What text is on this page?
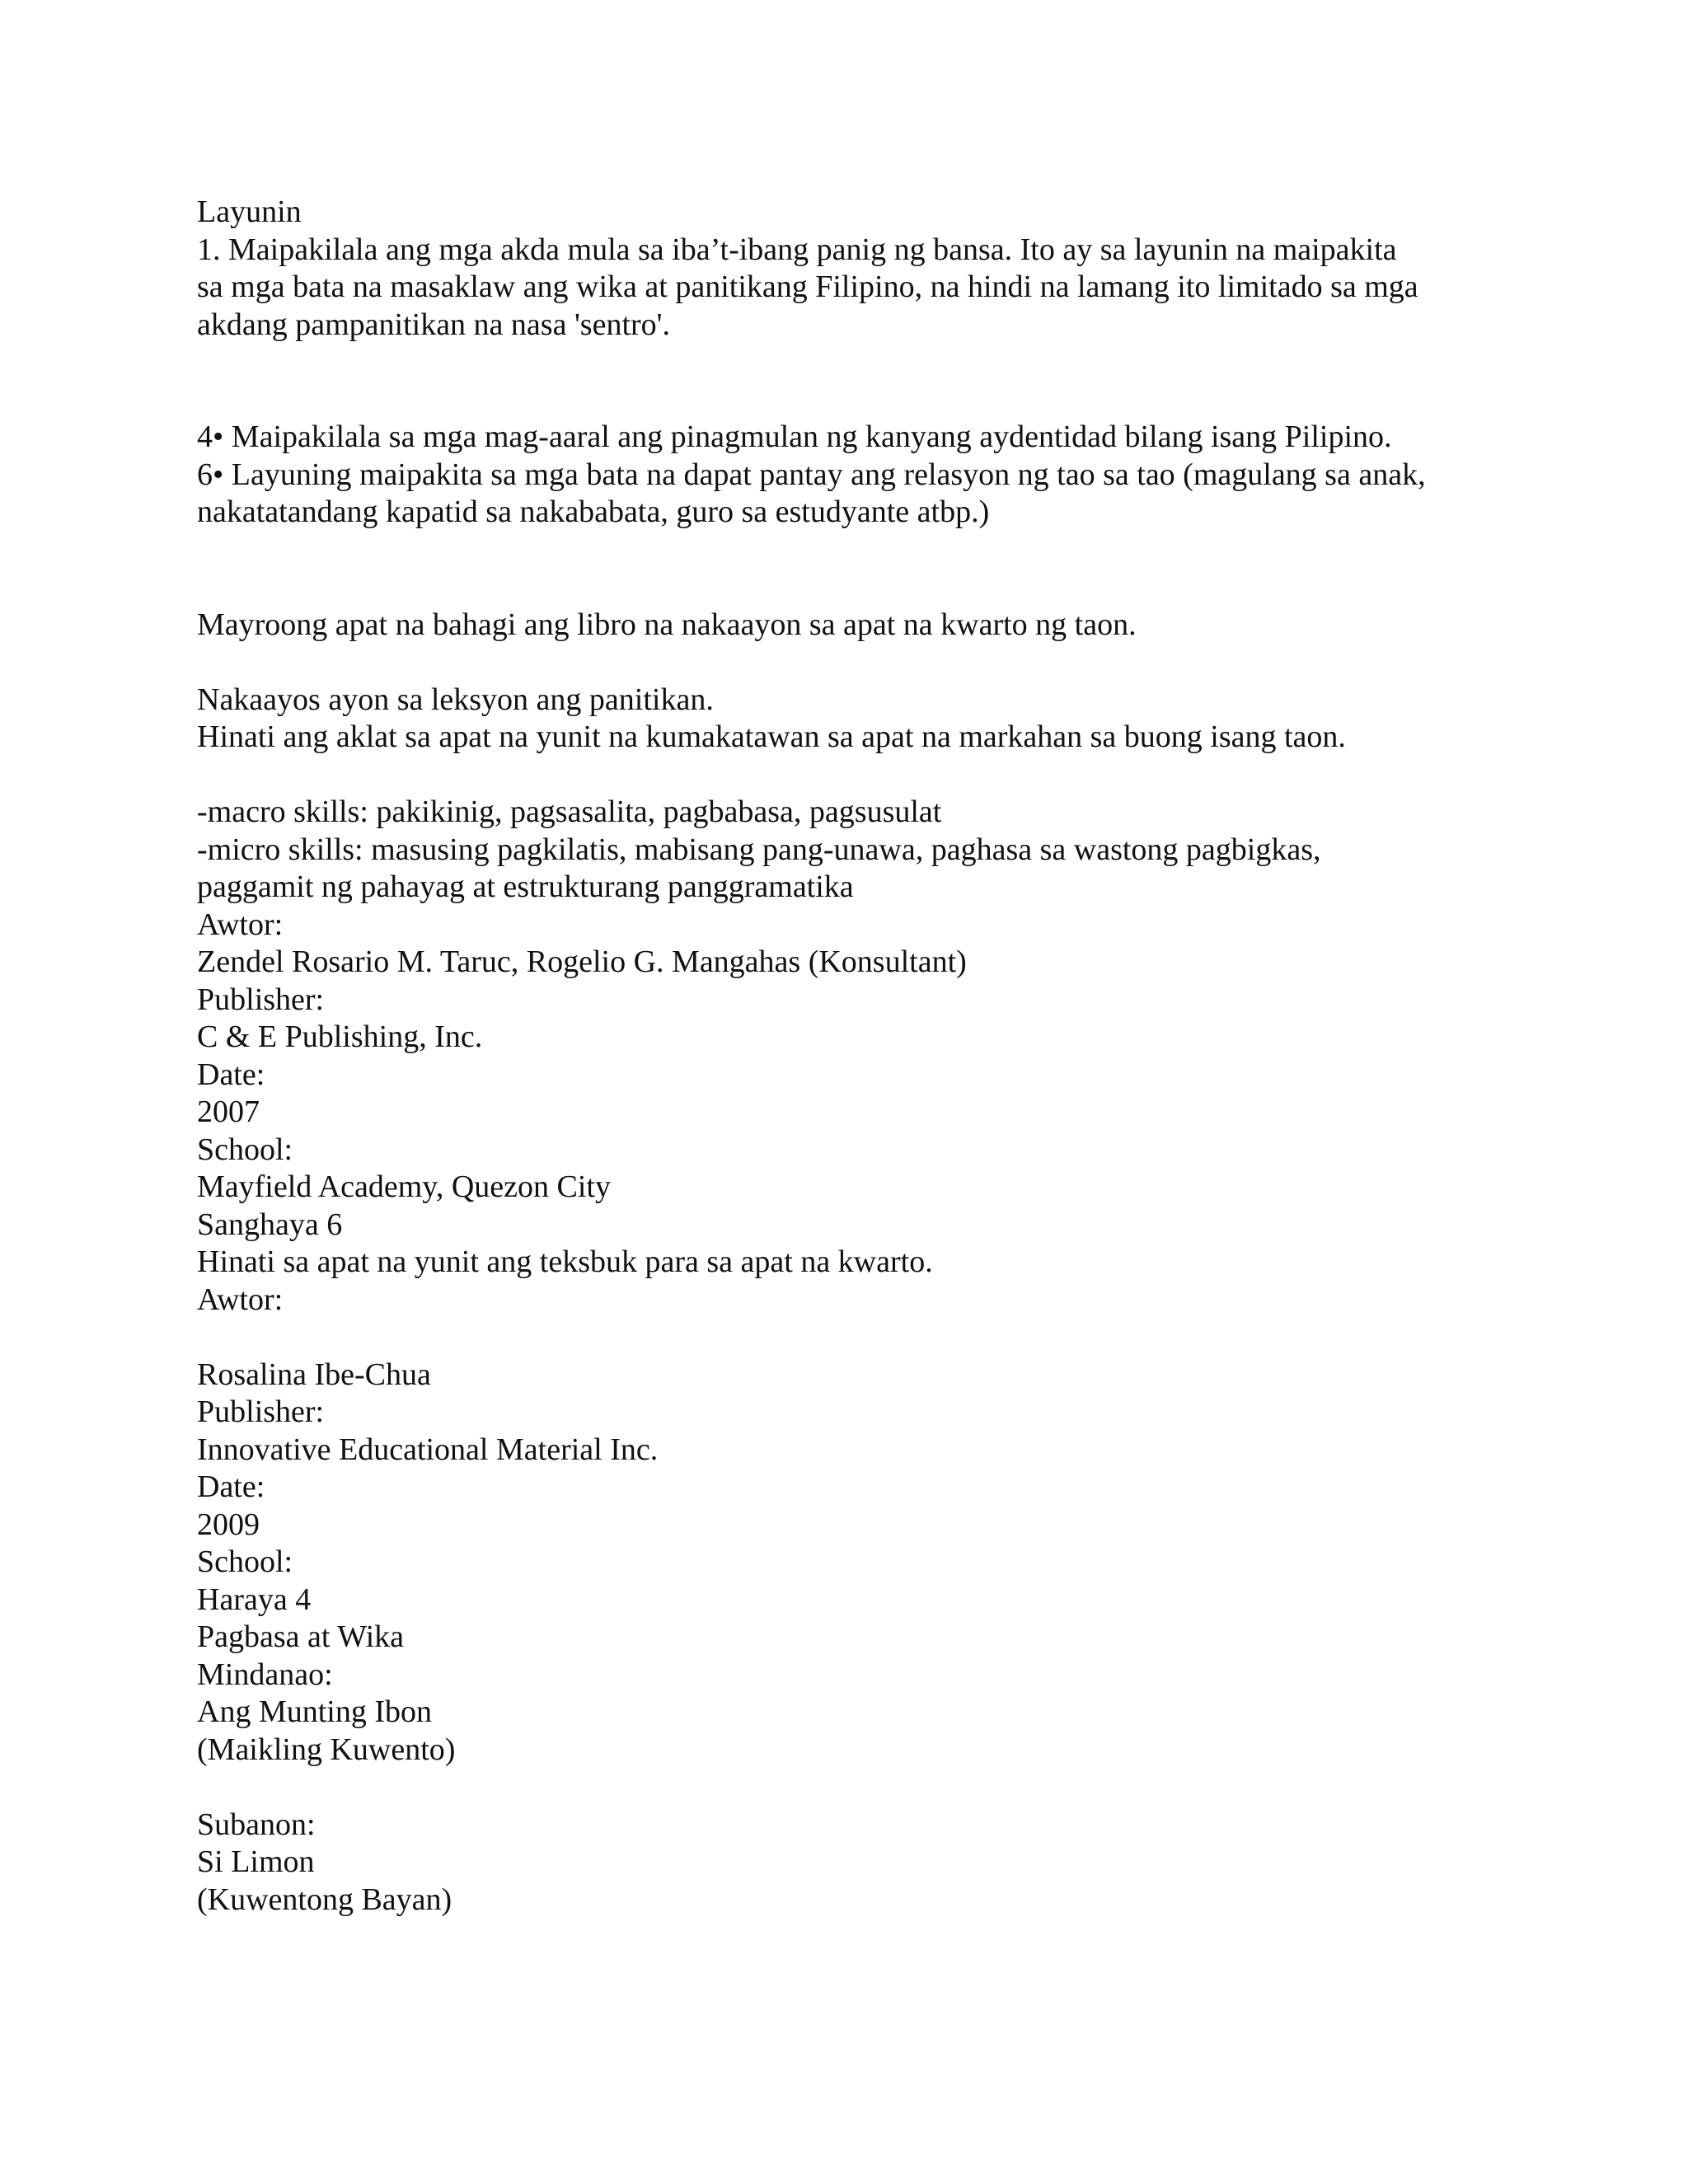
Layunin
1. Maipakilala ang mga akda mula sa iba’t-ibang panig ng bansa. Ito ay sa layunin na maipakita
sa mga bata na masaklaw ang wika at panitikang Filipino, na hindi na lamang ito limitado sa mga
akdang pampanitikan na nasa 'sentro'.
4• Maipakilala sa mga mag-aaral ang pinagmulan ng kanyang aydentidad bilang isang Pilipino.
6• Layuning maipakita sa mga bata na dapat pantay ang relasyon ng tao sa tao (magulang sa anak,
nakatatandang kapatid sa nakababata, guro sa estudyante atbp.)
Mayroong apat na bahagi ang libro na nakaayon sa apat na kwarto ng taon.
Nakaayos ayon sa leksyon ang panitikan.
Hinati ang aklat sa apat na yunit na kumakatawan sa apat na markahan sa buong isang taon.
-macro skills: pakikinig, pagsasalita, pagbabasa, pagsusulat
-micro skills: masusing pagkilatis, mabisang pang-unawa, paghasa sa wastong pagbigkas,
paggamit ng pahayag at estrukturang panggramatika
Awtor:
Zendel Rosario M. Taruc, Rogelio G. Mangahas (Konsultant)
Publisher:
C & E Publishing, Inc.
Date:
2007
School:
Mayfield Academy, Quezon City
Sanghaya 6
Hinati sa apat na yunit ang teksbuk para sa apat na kwarto.
Awtor:
Rosalina Ibe-Chua
Publisher:
Innovative Educational Material Inc.
Date:
2009
School:
Haraya 4
Pagbasa at Wika
Mindanao:
Ang Munting Ibon
(Maikling Kuwento)
Subanon:
Si Limon
(Kuwentong Bayan)
